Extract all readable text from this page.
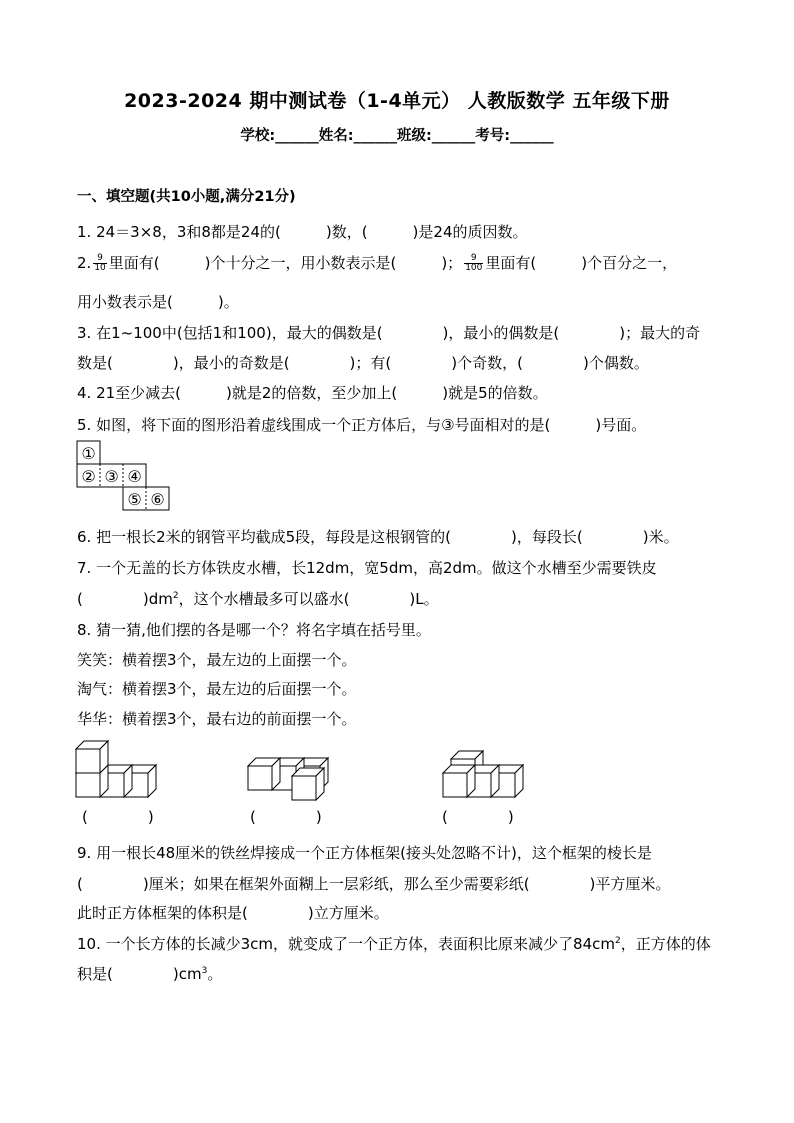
2023-2024 期中测试卷（1-4单元） 人教版数学 五年级下册
学校:______姓名:______班级:______考号:______
一、填空题(共10小题,满分21分)
1. 24＝3×8，3和8都是24的(　　　)数，(　　　)是24的质因数。
2. $\frac{9}{10}$ 里面有(　　　)个十分之一，用小数表示是(　　　)； $\frac{9}{100}$ 里面有(　　　)个百分之一，
用小数表示是(　　　)。
3. 在1~100中(包括1和100)，最大的偶数是(　　　　)，最小的偶数是(　　　　)；最大的奇
数是(　　　　)，最小的奇数是(　　　　)；有(　　　　)个奇数，(　　　　)个偶数。
4. 21至少减去(　　　)就是2的倍数，至少加上(　　　)就是5的倍数。
5. 如图，将下面的图形沿着虚线围成一个正方体后，与③号面相对的是(　　　)号面。
①
② ③ ④
⑤ ⑥
6. 把一根长2米的钢管平均截成5段，每段是这根钢管的(　　　　)，每段长(　　　　)米。
7. 一个无盖的长方体铁皮水槽，长12dm，宽5dm，高2dm。做这个水槽至少需要铁皮
(　　　　)$dm^2$，这个水槽最多可以盛水(　　　　)L。
8. 猜一猜,他们摆的各是哪一个？将名字填在括号里。
笑笑：横着摆3个，最左边的上面摆一个。
淘气：横着摆3个，最左边的后面摆一个。
华华：横着摆3个，最右边的前面摆一个。
(　　　　)	(　　　　)	(　　　　)
9. 用一根长48厘米的铁丝焊接成一个正方体框架(接头处忽略不计)，这个框架的棱长是
(　　　　)厘米；如果在框架外面糊上一层彩纸，那么至少需要彩纸(　　　　)平方厘米。
此时正方体框架的体积是(　　　　)立方厘米。
10. 一个长方体的长减少3cm，就变成了一个正方体，表面积比原来减少了$84cm^2$，正方体的体
积是(　　　　)$cm^3$。
